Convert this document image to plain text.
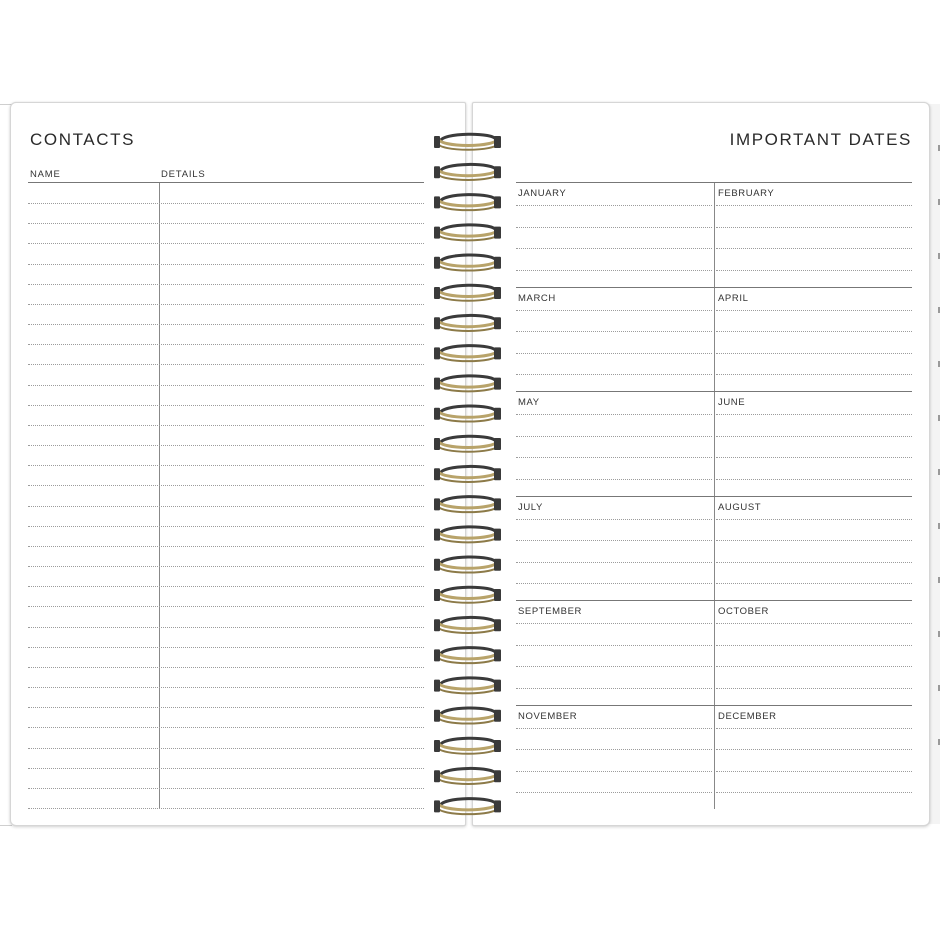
CONTACTS
NAME	DETAILS
IMPORTANT DATES
JANUARY	FEBRUARY
MARCH	APRIL
MAY	JUNE
JULY	AUGUST
SEPTEMBER	OCTOBER
NOVEMBER	DECEMBER
